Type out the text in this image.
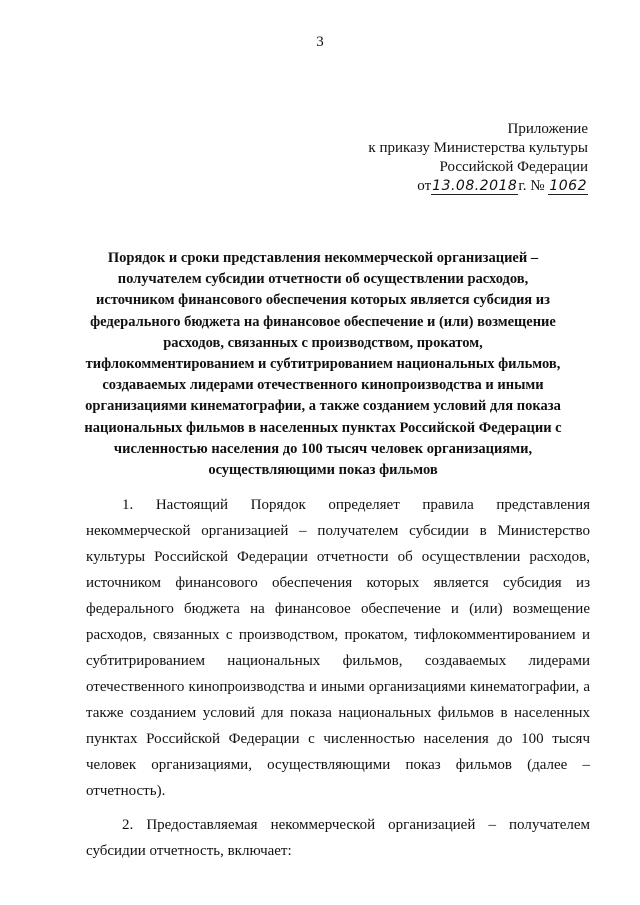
3
Приложение
к приказу Министерства культуры
Российской Федерации
от13.08.2018г. № 1062
Порядок и сроки представления некоммерческой организацией –
получателем субсидии отчетности об осуществлении расходов,
источником финансового обеспечения которых является субсидия из
федерального бюджета на финансовое обеспечение и (или) возмещение
расходов, связанных с производством, прокатом,
тифлокомментированием и субтитрированием национальных фильмов,
создаваемых лидерами отечественного кинопроизводства и иными
организациями кинематографии, а также созданием условий для показа
национальных фильмов в населенных пунктах Российской Федерации с
численностью населения до 100 тысяч человек организациями,
осуществляющими показ фильмов

1. Настоящий Порядок определяет правила представления некоммерческой организацией – получателем субсидии в Министерство культуры Российской Федерации отчетности об осуществлении расходов, источником финансового обеспечения которых является субсидия из федерального бюджета на финансовое обеспечение и (или) возмещение расходов, связанных с производством, прокатом, тифлокомментированием и субтитрированием национальных фильмов, создаваемых лидерами отечественного кинопроизводства и иными организациями кинематографии, а также созданием условий для показа национальных фильмов в населенных пунктах Российской Федерации с численностью населения до 100 тысяч человек организациями, осуществляющими показ фильмов (далее – отчетность).

2. Предоставляемая некоммерческой организацией – получателем субсидии отчетность, включает:
